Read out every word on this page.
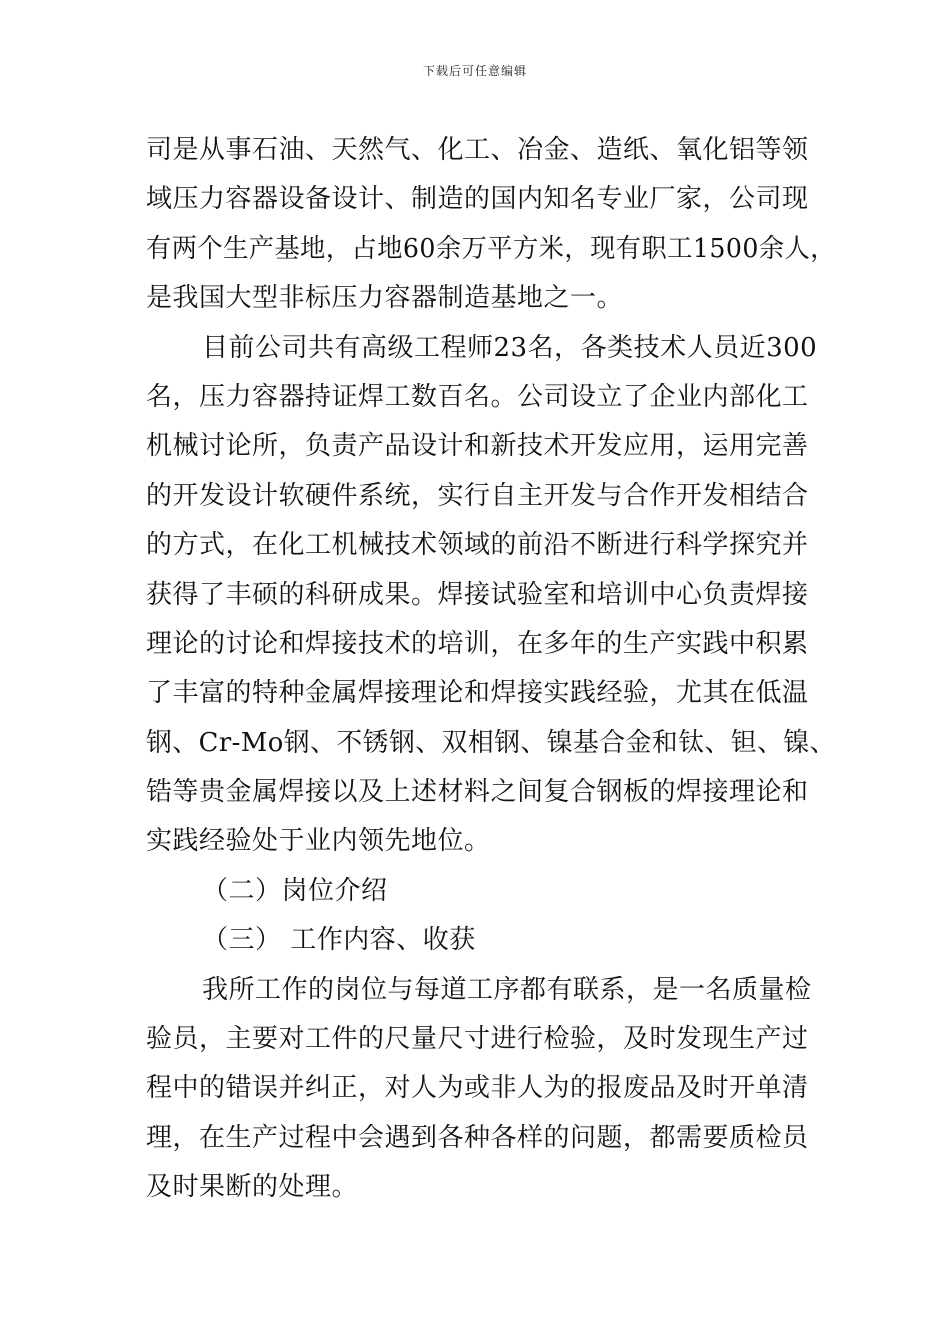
下载后可任意编辑
司是从事石油、天然气、化工、冶金、造纸、氧化铝等领
域压力容器设备设计、制造的国内知名专业厂家，公司现
有两个生产基地，占地60余万平方米，现有职工1500余人，
是我国大型非标压力容器制造基地之一。
目前公司共有高级工程师23名，各类技术人员近300
名，压力容器持证焊工数百名。公司设立了企业内部化工
机械讨论所，负责产品设计和新技术开发应用，运用完善
的开发设计软硬件系统，实行自主开发与合作开发相结合
的方式，在化工机械技术领域的前沿不断进行科学探究并
获得了丰硕的科研成果。焊接试验室和培训中心负责焊接
理论的讨论和焊接技术的培训，在多年的生产实践中积累
了丰富的特种金属焊接理论和焊接实践经验，尤其在低温
钢、Cr-Mo钢、不锈钢、双相钢、镍基合金和钛、钽、镍、
锆等贵金属焊接以及上述材料之间复合钢板的焊接理论和
实践经验处于业内领先地位。
（二）岗位介绍
（三） 工作内容、收获
我所工作的岗位与每道工序都有联系，是一名质量检
验员，主要对工件的尺量尺寸进行检验，及时发现生产过
程中的错误并纠正，对人为或非人为的报废品及时开单清
理，在生产过程中会遇到各种各样的问题，都需要质检员
及时果断的处理。
